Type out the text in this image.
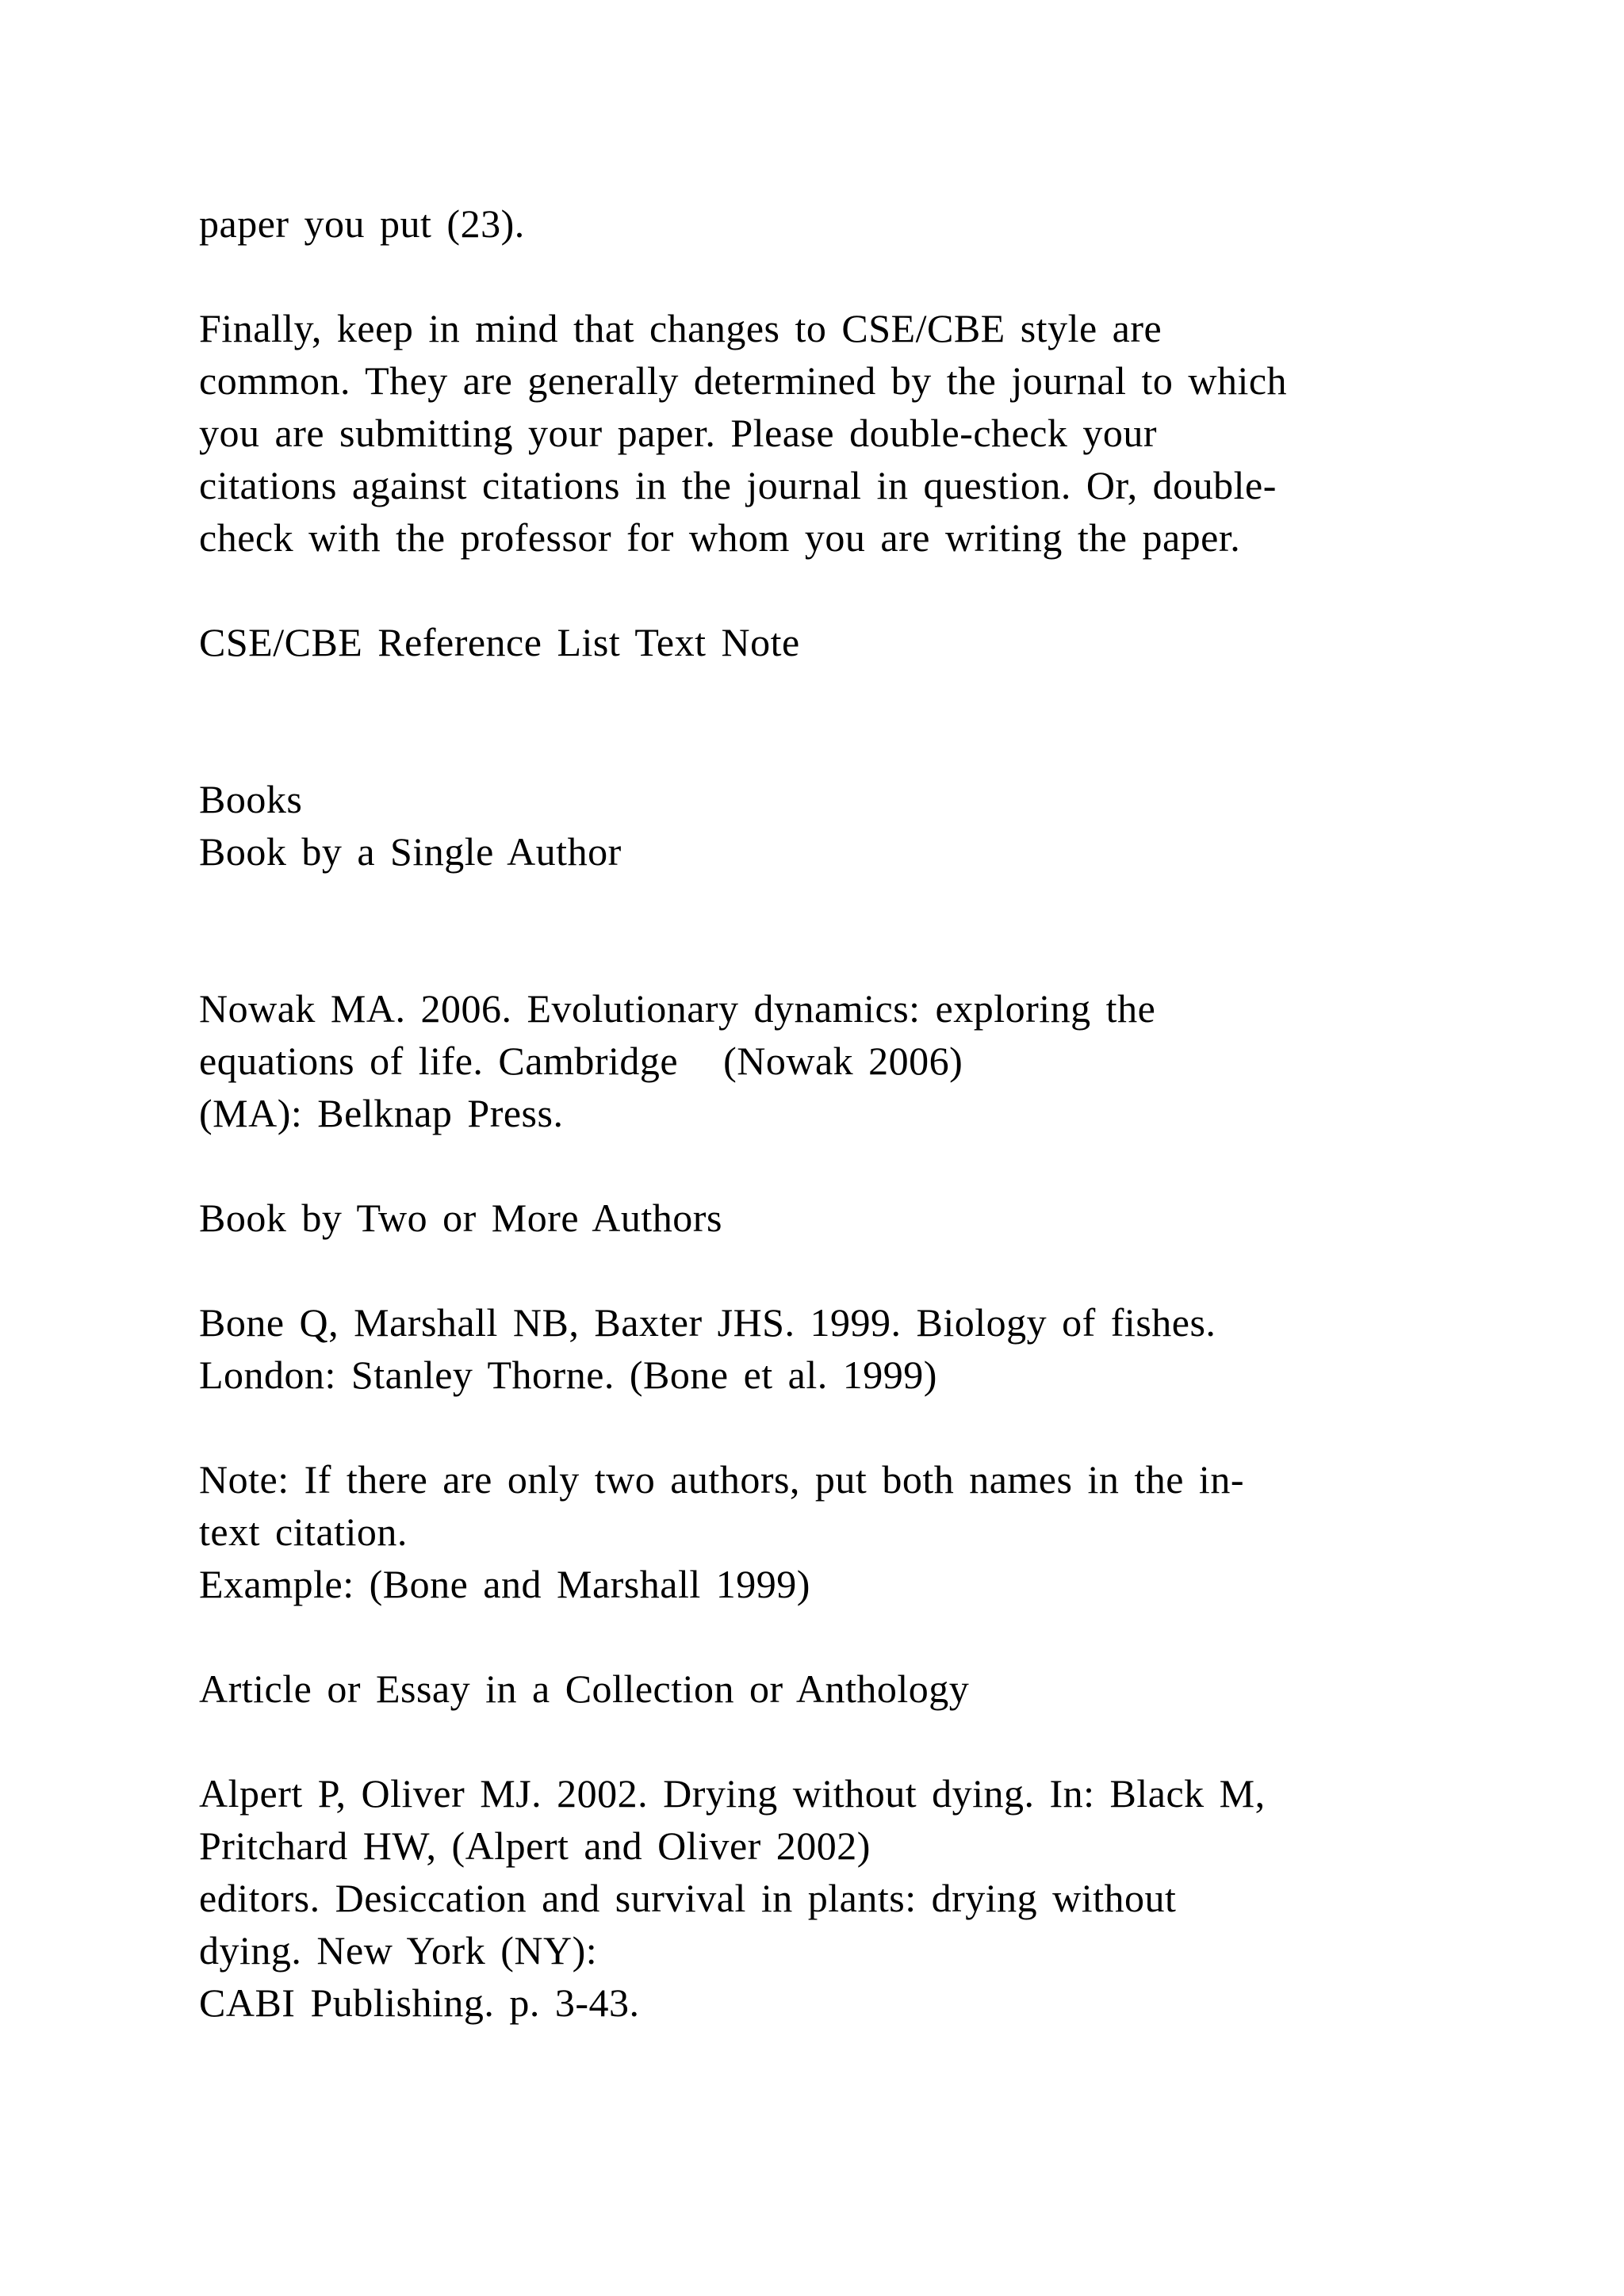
paper you put (23).
Finally, keep in mind that changes to CSE/CBE style are
common. They are generally determined by the journal to which
you are submitting your paper. Please double-check your
citations against citations in the journal in question. Or, double-
check with the professor for whom you are writing the paper.
CSE/CBE Reference List Text Note
Books
Book by a Single Author
Nowak MA. 2006. Evolutionary dynamics: exploring the
equations of life. Cambridge   (Nowak 2006)
(MA): Belknap Press.
Book by Two or More Authors
Bone Q, Marshall NB, Baxter JHS. 1999. Biology of fishes.
London: Stanley Thorne. (Bone et al. 1999)
Note: If there are only two authors, put both names in the in-
text citation.
Example: (Bone and Marshall 1999)
Article or Essay in a Collection or Anthology
Alpert P, Oliver MJ. 2002. Drying without dying. In: Black M,
Pritchard HW, (Alpert and Oliver 2002)
editors. Desiccation and survival in plants: drying without
dying. New York (NY):
CABI Publishing. p. 3-43.
